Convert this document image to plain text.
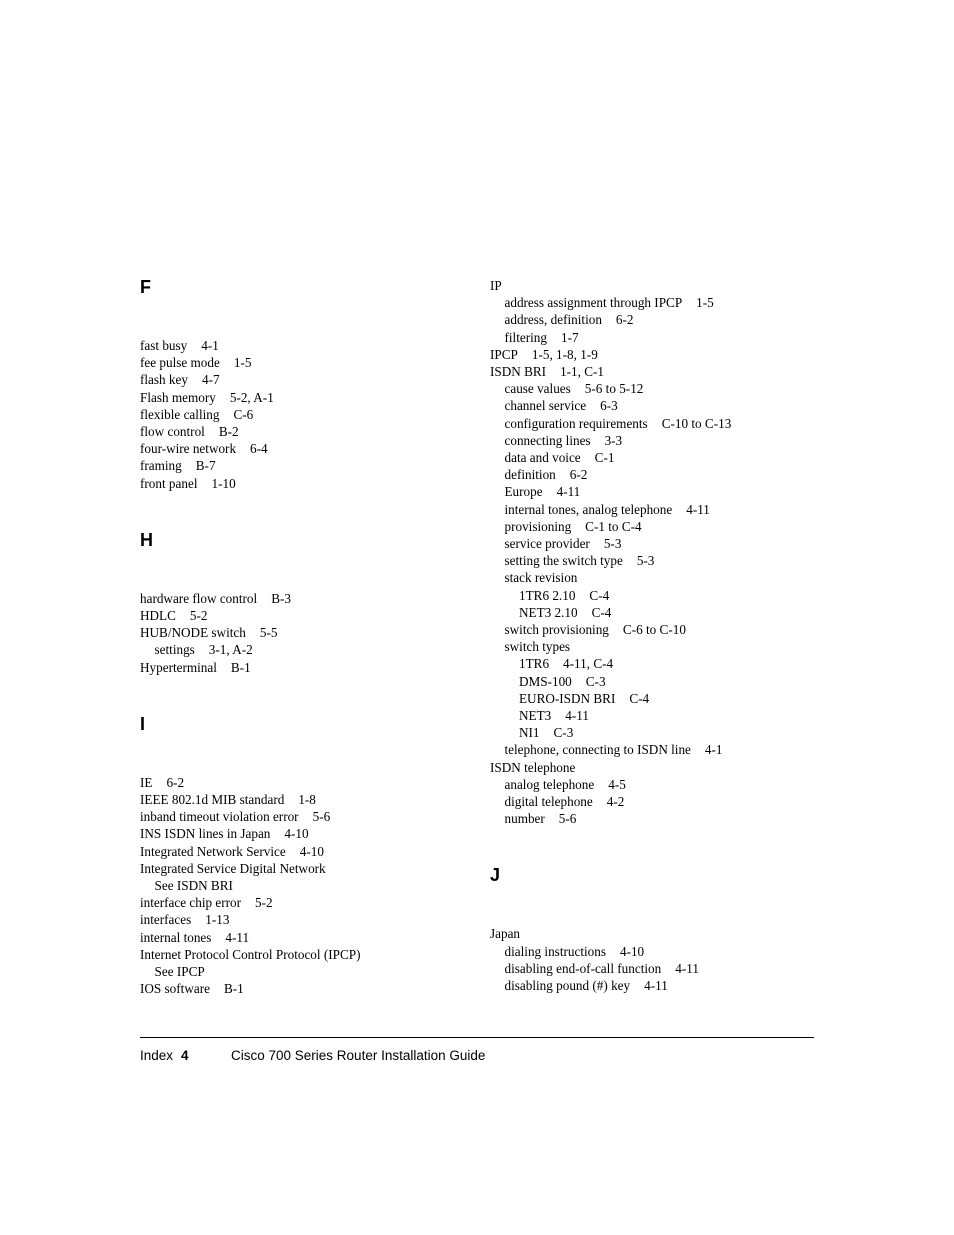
F
fast busy 4-1
fee pulse mode 1-5
flash key 4-7
Flash memory 5-2, A-1
flexible calling C-6
flow control B-2
four-wire network 6-4
framing B-7
front panel 1-10
H
hardware flow control B-3
HDLC 5-2
HUB/NODE switch 5-5
settings 3-1, A-2
Hyperterminal B-1
I
IE 6-2
IEEE 802.1d MIB standard 1-8
inband timeout violation error 5-6
INS ISDN lines in Japan 4-10
Integrated Network Service 4-10
Integrated Service Digital Network
See ISDN BRI
interface chip error 5-2
interfaces 1-13
internal tones 4-11
Internet Protocol Control Protocol (IPCP)
See IPCP
IOS software B-1
IP
address assignment through IPCP 1-5
address, definition 6-2
filtering 1-7
IPCP 1-5, 1-8, 1-9
ISDN BRI 1-1, C-1
cause values 5-6 to 5-12
channel service 6-3
configuration requirements C-10 to C-13
connecting lines 3-3
data and voice C-1
definition 6-2
Europe 4-11
internal tones, analog telephone 4-11
provisioning C-1 to C-4
service provider 5-3
setting the switch type 5-3
stack revision
1TR6 2.10 C-4
NET3 2.10 C-4
switch provisioning C-6 to C-10
switch types
1TR6 4-11, C-4
DMS-100 C-3
EURO-ISDN BRI C-4
NET3 4-11
NI1 C-3
telephone, connecting to ISDN line 4-1
ISDN telephone
analog telephone 4-5
digital telephone 4-2
number 5-6
J
Japan
dialing instructions 4-10
disabling end-of-call function 4-11
disabling pound (#) key 4-11
Index 4	Cisco 700 Series Router Installation Guide
